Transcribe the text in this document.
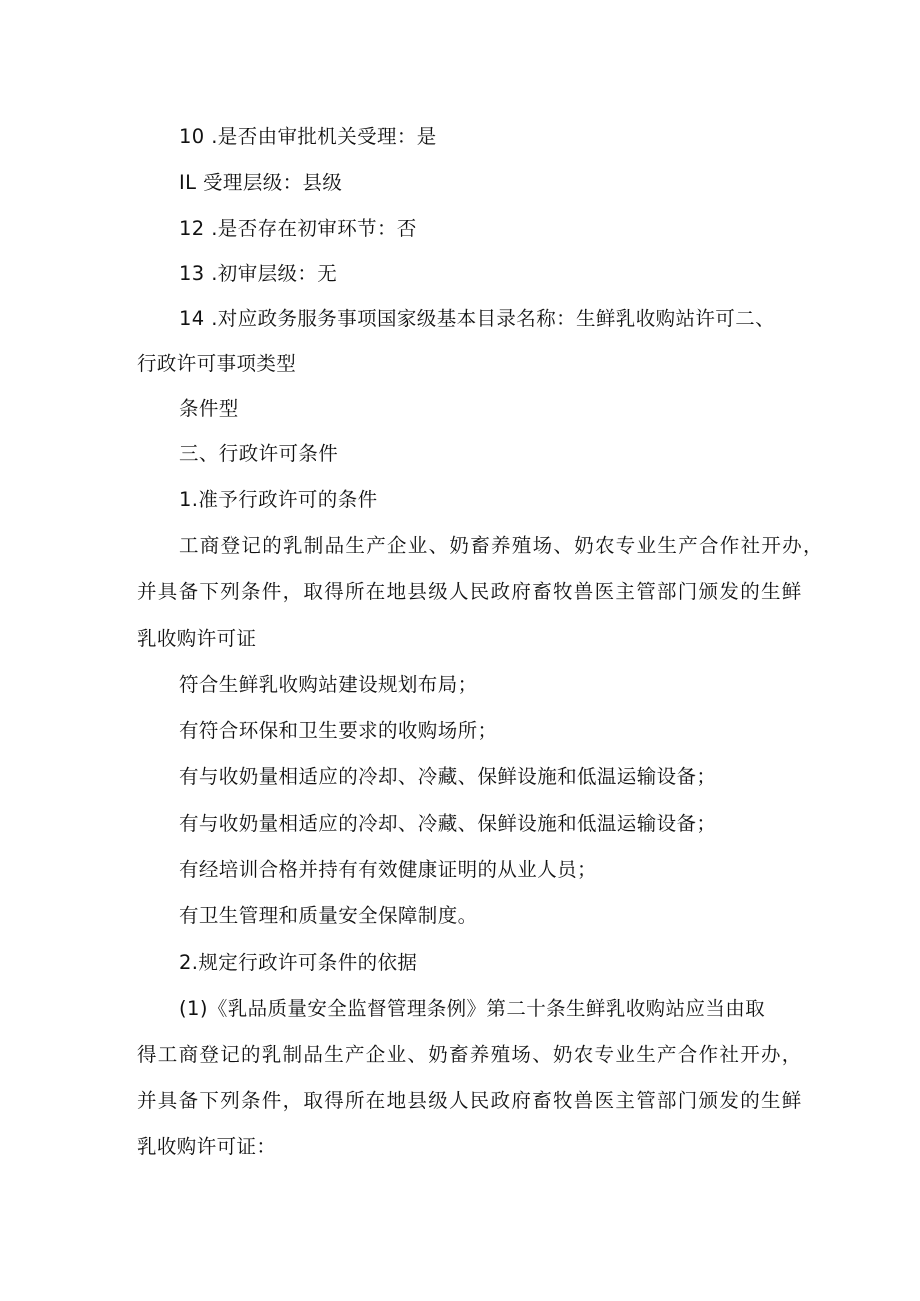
10 .是否由审批机关受理：是
IL 受理层级：县级
12 .是否存在初审环节：否
13 .初审层级：无
14 .对应政务服务事项国家级基本目录名称：生鲜乳收购站许可二、
行政许可事项类型
条件型
三、行政许可条件
1.准予行政许可的条件
工商登记的乳制品生产企业、奶畜养殖场、奶农专业生产合作社开办，
并具备下列条件，取得所在地县级人民政府畜牧兽医主管部门颁发的生鲜
乳收购许可证
符合生鲜乳收购站建设规划布局；
有符合环保和卫生要求的收购场所；
有与收奶量相适应的冷却、冷藏、保鲜设施和低温运输设备；
有与收奶量相适应的冷却、冷藏、保鲜设施和低温运输设备；
有经培训合格并持有有效健康证明的从业人员；
有卫生管理和质量安全保障制度。
2.规定行政许可条件的依据
(1)《乳品质量安全监督管理条例》第二十条生鲜乳收购站应当由取
得工商登记的乳制品生产企业、奶畜养殖场、奶农专业生产合作社开办，
并具备下列条件，取得所在地县级人民政府畜牧兽医主管部门颁发的生鲜
乳收购许可证：
